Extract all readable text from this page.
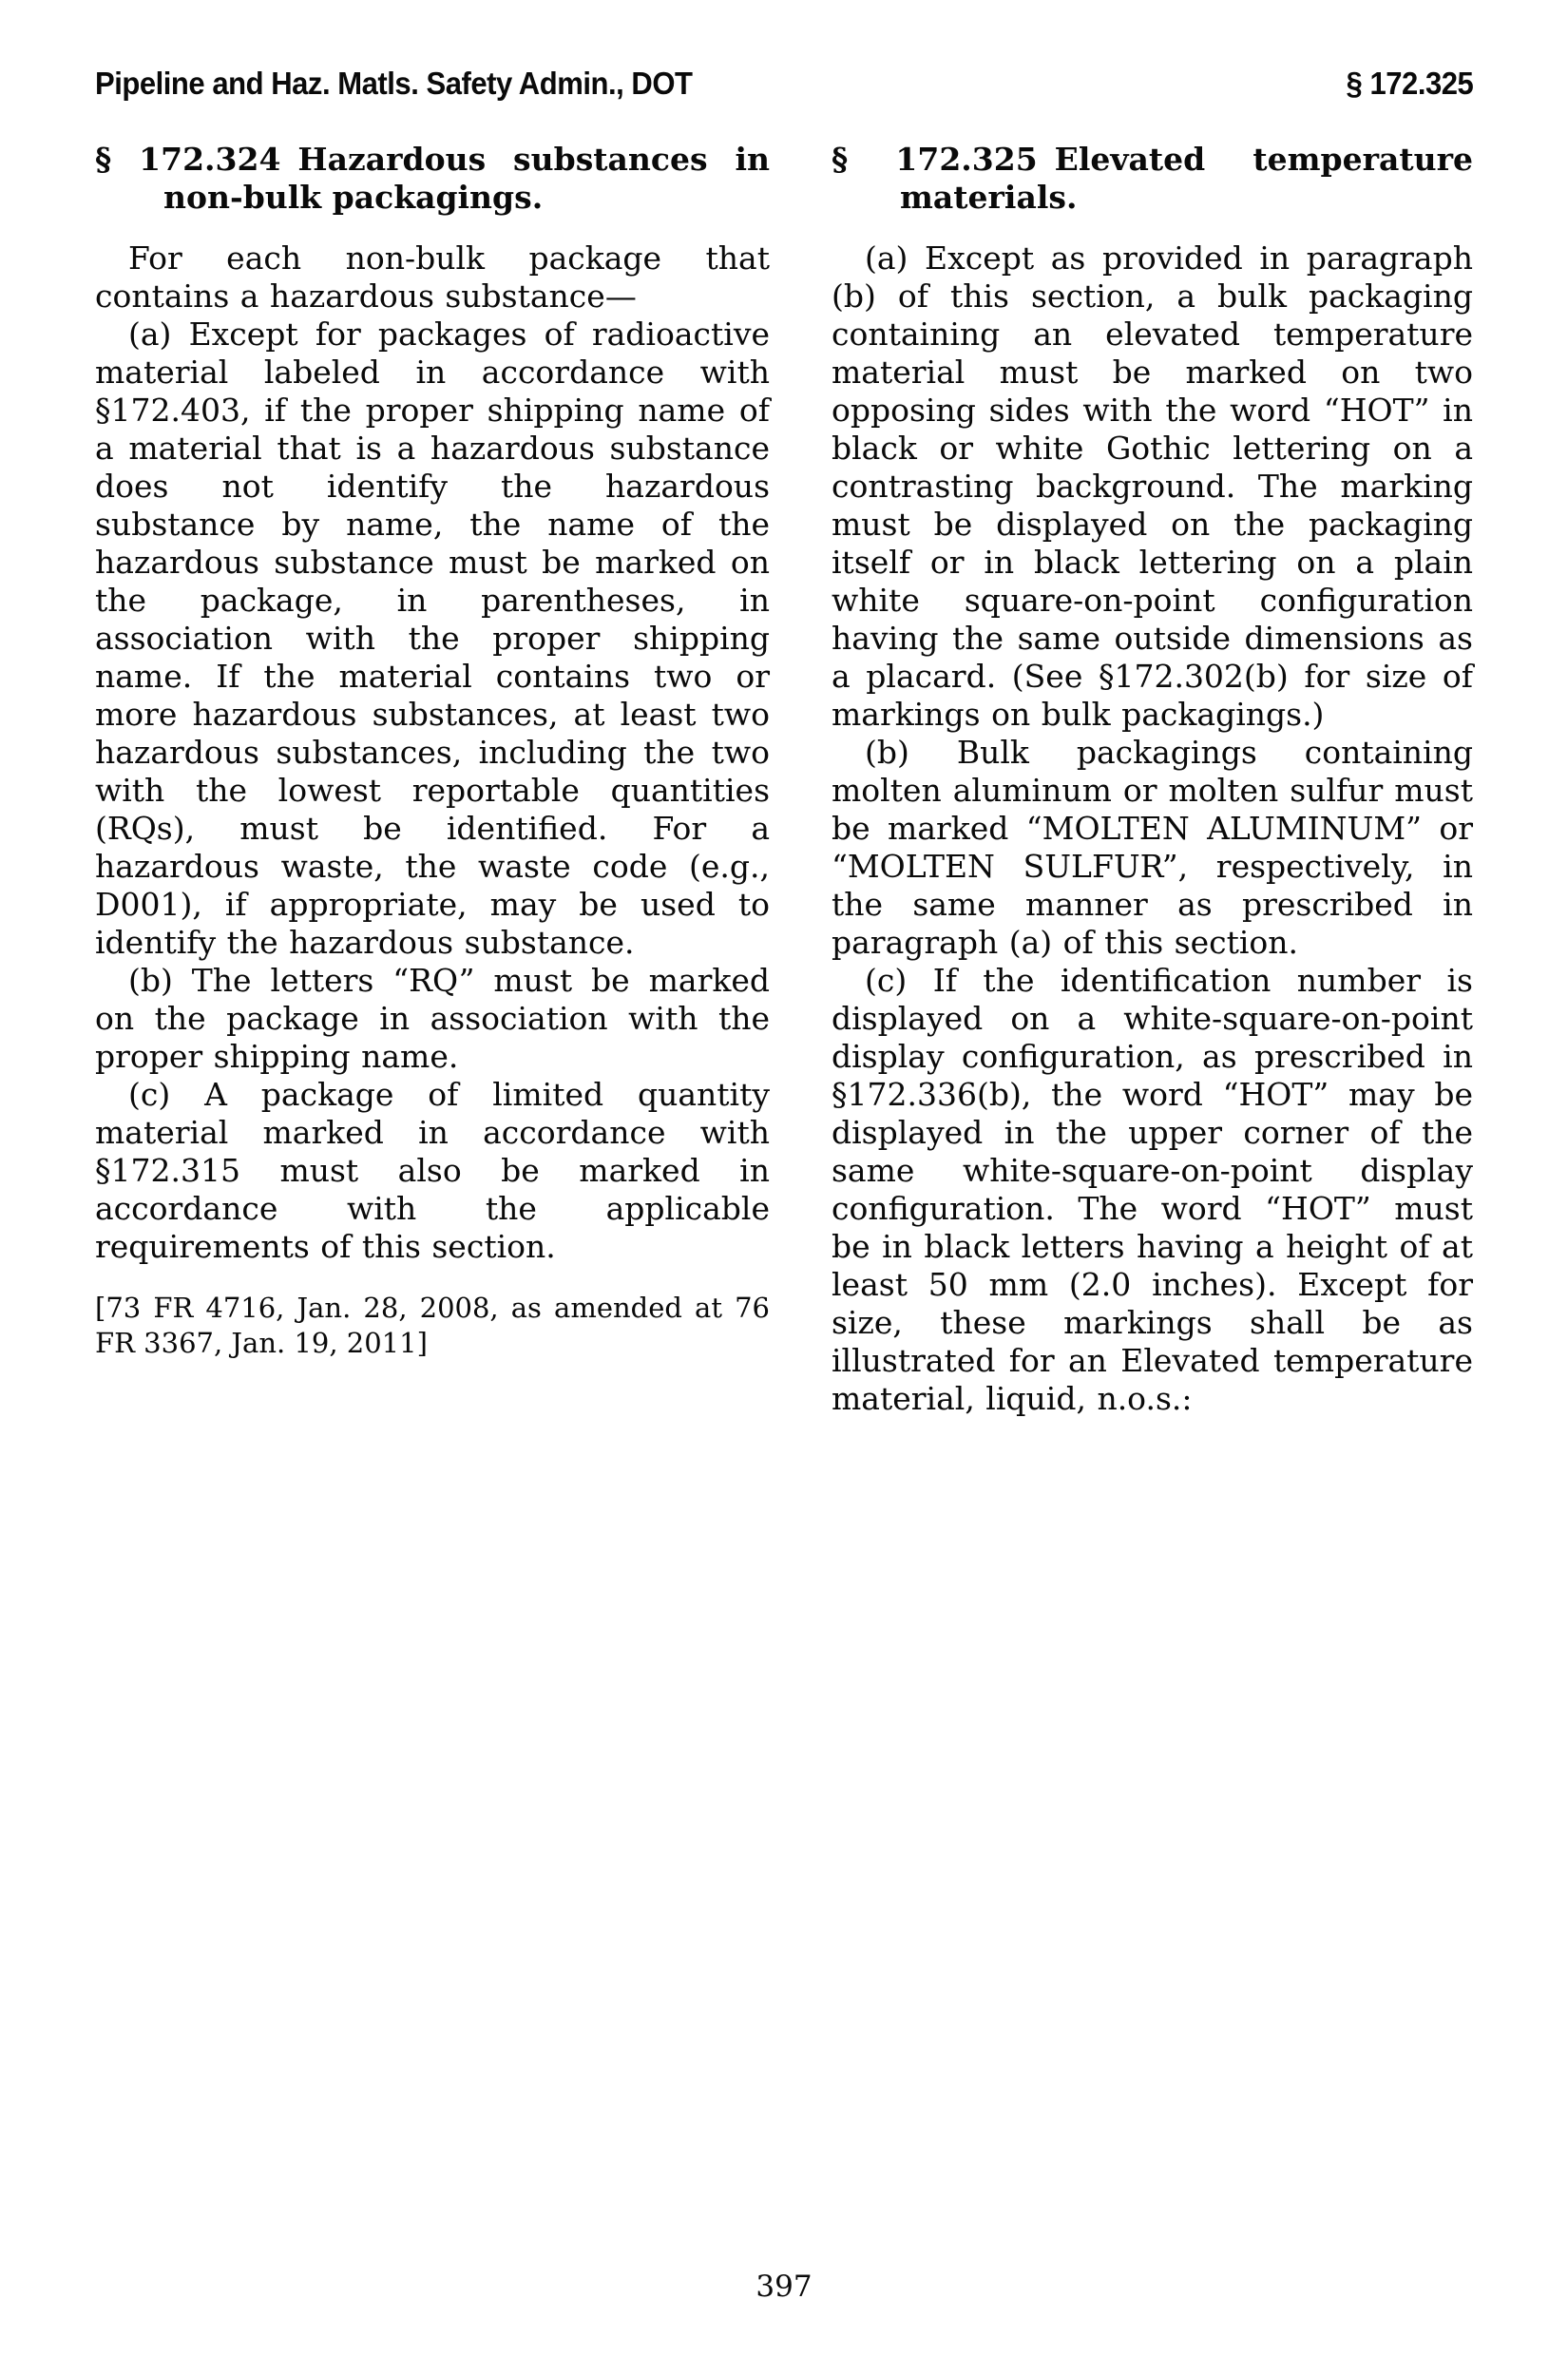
Pipeline and Haz. Matls. Safety Admin., DOT	§ 172.325
§ 172.324 Hazardous substances in non-bulk packagings.

For each non-bulk package that contains a hazardous substance—

(a) Except for packages of radioactive material labeled in accordance with §172.403, if the proper shipping name of a material that is a hazardous substance does not identify the hazardous substance by name, the name of the hazardous substance must be marked on the package, in parentheses, in association with the proper shipping name. If the material contains two or more hazardous substances, at least two hazardous substances, including the two with the lowest reportable quantities (RQs), must be identified. For a hazardous waste, the waste code (e.g., D001), if appropriate, may be used to identify the hazardous substance.

(b) The letters “RQ” must be marked on the package in association with the proper shipping name.

(c) A package of limited quantity material marked in accordance with §172.315 must also be marked in accordance with the applicable requirements of this section.

[73 FR 4716, Jan. 28, 2008, as amended at 76 FR 3367, Jan. 19, 2011]

§ 172.325 Elevated temperature materials.

(a) Except as provided in paragraph (b) of this section, a bulk packaging containing an elevated temperature material must be marked on two opposing sides with the word “HOT” in black or white Gothic lettering on a contrasting background. The marking must be displayed on the packaging itself or in black lettering on a plain white square-on-point configuration having the same outside dimensions as a placard. (See §172.302(b) for size of markings on bulk packagings.)

(b) Bulk packagings containing molten aluminum or molten sulfur must be marked “MOLTEN ALUMINUM” or “MOLTEN SULFUR”, respectively, in the same manner as prescribed in paragraph (a) of this section.

(c) If the identification number is displayed on a white-square-on-point display configuration, as prescribed in §172.336(b), the word “HOT” may be displayed in the upper corner of the same white-square-on-point display configuration. The word “HOT” must be in black letters having a height of at least 50 mm (2.0 inches). Except for size, these markings shall be as illustrated for an Elevated temperature material, liquid, n.o.s.:

397
